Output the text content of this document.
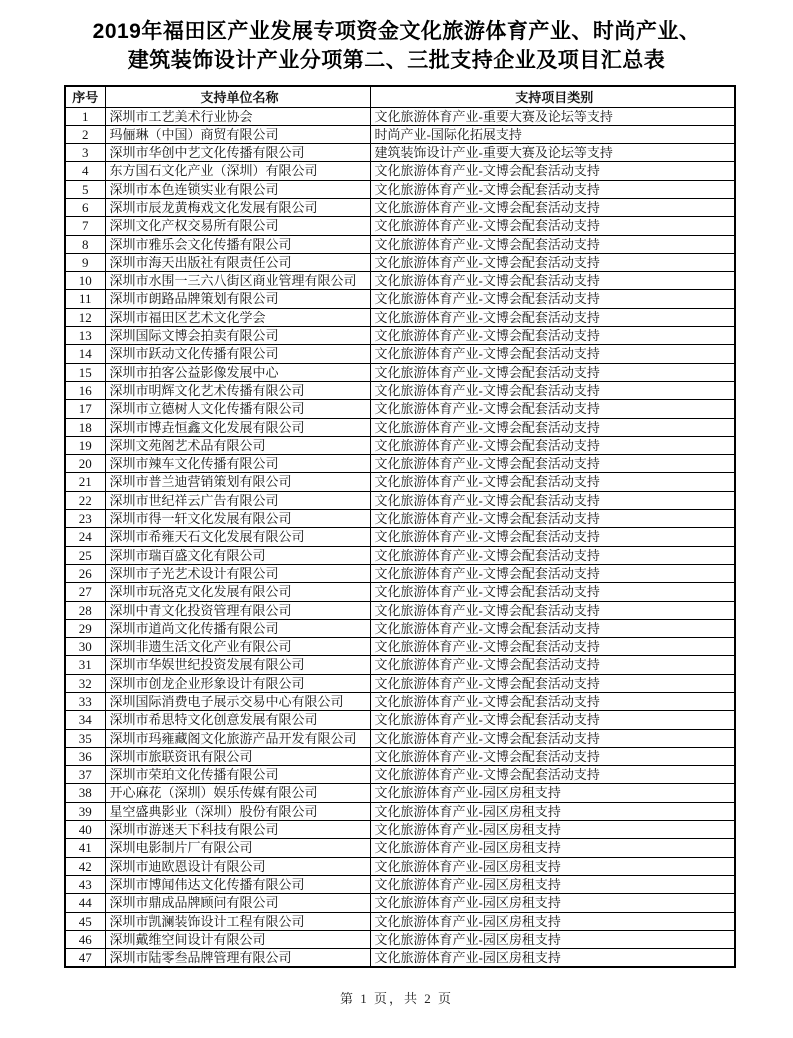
2019年福田区产业发展专项资金文化旅游体育产业、时尚产业、
建筑装饰设计产业分项第二、三批支持企业及项目汇总表
序号	支持单位名称	支持项目类别
1	深圳市工艺美术行业协会	文化旅游体育产业-重要大赛及论坛等支持
2	玛俪琳（中国）商贸有限公司	时尚产业-国际化拓展支持
3	深圳市华创中艺文化传播有限公司	建筑装饰设计产业-重要大赛及论坛等支持
4	东方国石文化产业（深圳）有限公司	文化旅游体育产业-文博会配套活动支持
5	深圳市本色连锁实业有限公司	文化旅游体育产业-文博会配套活动支持
6	深圳市辰龙黄梅戏文化发展有限公司	文化旅游体育产业-文博会配套活动支持
7	深圳文化产权交易所有限公司	文化旅游体育产业-文博会配套活动支持
8	深圳市雅乐会文化传播有限公司	文化旅游体育产业-文博会配套活动支持
9	深圳市海天出版社有限责任公司	文化旅游体育产业-文博会配套活动支持
10	深圳市水围一三六八街区商业管理有限公司	文化旅游体育产业-文博会配套活动支持
11	深圳市朗路品牌策划有限公司	文化旅游体育产业-文博会配套活动支持
12	深圳市福田区艺术文化学会	文化旅游体育产业-文博会配套活动支持
13	深圳国际文博会拍卖有限公司	文化旅游体育产业-文博会配套活动支持
14	深圳市跃动文化传播有限公司	文化旅游体育产业-文博会配套活动支持
15	深圳市拍客公益影像发展中心	文化旅游体育产业-文博会配套活动支持
16	深圳市明辉文化艺术传播有限公司	文化旅游体育产业-文博会配套活动支持
17	深圳市立德树人文化传播有限公司	文化旅游体育产业-文博会配套活动支持
18	深圳市博垚恒鑫文化发展有限公司	文化旅游体育产业-文博会配套活动支持
19	深圳文苑阁艺术品有限公司	文化旅游体育产业-文博会配套活动支持
20	深圳市辣车文化传播有限公司	文化旅游体育产业-文博会配套活动支持
21	深圳市普兰迪营销策划有限公司	文化旅游体育产业-文博会配套活动支持
22	深圳市世纪祥云广告有限公司	文化旅游体育产业-文博会配套活动支持
23	深圳市得一轩文化发展有限公司	文化旅游体育产业-文博会配套活动支持
24	深圳市希雍天石文化发展有限公司	文化旅游体育产业-文博会配套活动支持
25	深圳市瑞百盛文化有限公司	文化旅游体育产业-文博会配套活动支持
26	深圳市子光艺术设计有限公司	文化旅游体育产业-文博会配套活动支持
27	深圳市玩洛克文化发展有限公司	文化旅游体育产业-文博会配套活动支持
28	深圳中青文化投资管理有限公司	文化旅游体育产业-文博会配套活动支持
29	深圳市道尚文化传播有限公司	文化旅游体育产业-文博会配套活动支持
30	深圳非遗生活文化产业有限公司	文化旅游体育产业-文博会配套活动支持
31	深圳市华娱世纪投资发展有限公司	文化旅游体育产业-文博会配套活动支持
32	深圳市创龙企业形象设计有限公司	文化旅游体育产业-文博会配套活动支持
33	深圳国际消费电子展示交易中心有限公司	文化旅游体育产业-文博会配套活动支持
34	深圳市希思特文化创意发展有限公司	文化旅游体育产业-文博会配套活动支持
35	深圳市玛雍藏阁文化旅游产品开发有限公司	文化旅游体育产业-文博会配套活动支持
36	深圳市旅联资讯有限公司	文化旅游体育产业-文博会配套活动支持
37	深圳市荣珀文化传播有限公司	文化旅游体育产业-文博会配套活动支持
38	开心麻花（深圳）娱乐传媒有限公司	文化旅游体育产业-园区房租支持
39	星空盛典影业（深圳）股份有限公司	文化旅游体育产业-园区房租支持
40	深圳市游迷天下科技有限公司	文化旅游体育产业-园区房租支持
41	深圳电影制片厂有限公司	文化旅游体育产业-园区房租支持
42	深圳市迪欧恩设计有限公司	文化旅游体育产业-园区房租支持
43	深圳市博闻伟达文化传播有限公司	文化旅游体育产业-园区房租支持
44	深圳市鼎成品牌顾问有限公司	文化旅游体育产业-园区房租支持
45	深圳市凯澜装饰设计工程有限公司	文化旅游体育产业-园区房租支持
46	深圳戴维空间设计有限公司	文化旅游体育产业-园区房租支持
47	深圳市陆零叁品牌管理有限公司	文化旅游体育产业-园区房租支持
第 1 页，共 2 页
